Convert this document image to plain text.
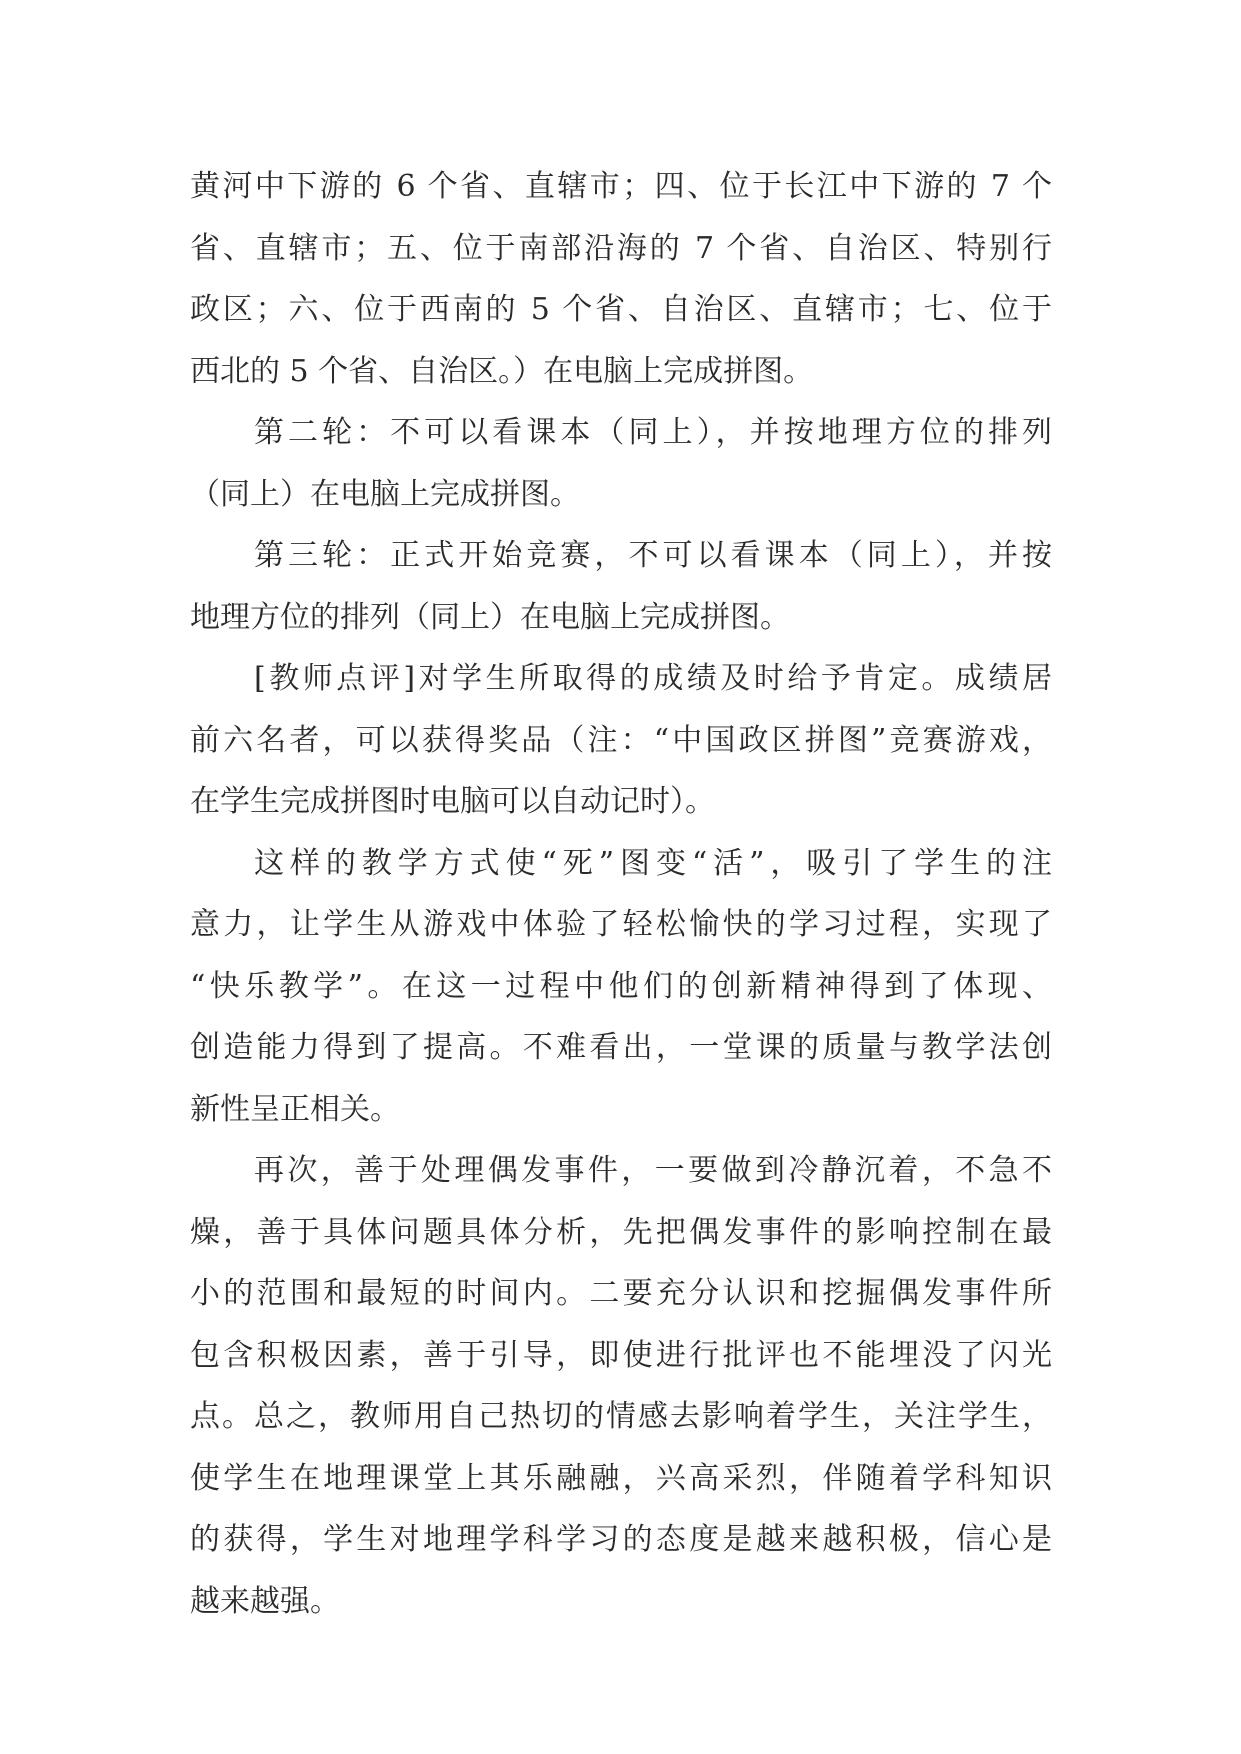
黄河中下游的 6 个省、直辖市；四、位于长江中下游的 7 个
省、直辖市；五、位于南部沿海的 7 个省、自治区、特别行
政区；六、位于西南的 5 个省、自治区、直辖市；七、位于
西北的 5 个省、自治区。）在电脑上完成拼图。
第二轮：不可以看课本（同上），并按地理方位的排列
（同上）在电脑上完成拼图。
第三轮：正式开始竞赛，不可以看课本（同上），并按
地理方位的排列（同上）在电脑上完成拼图。
[教师点评]对学生所取得的成绩及时给予肯定。成绩居
前六名者，可以获得奖品（注：“中国政区拼图”竞赛游戏，
在学生完成拼图时电脑可以自动记时）。
这样的教学方式使“死”图变“活”，吸引了学生的注
意力，让学生从游戏中体验了轻松愉快的学习过程，实现了
“快乐教学”。在这一过程中他们的创新精神得到了体现、
创造能力得到了提高。不难看出，一堂课的质量与教学法创
新性呈正相关。
再次，善于处理偶发事件，一要做到冷静沉着，不急不
燥，善于具体问题具体分析，先把偶发事件的影响控制在最
小的范围和最短的时间内。二要充分认识和挖掘偶发事件所
包含积极因素，善于引导，即使进行批评也不能埋没了闪光
点。总之，教师用自己热切的情感去影响着学生，关注学生，
使学生在地理课堂上其乐融融，兴高采烈，伴随着学科知识
的获得，学生对地理学科学习的态度是越来越积极，信心是
越来越强。
